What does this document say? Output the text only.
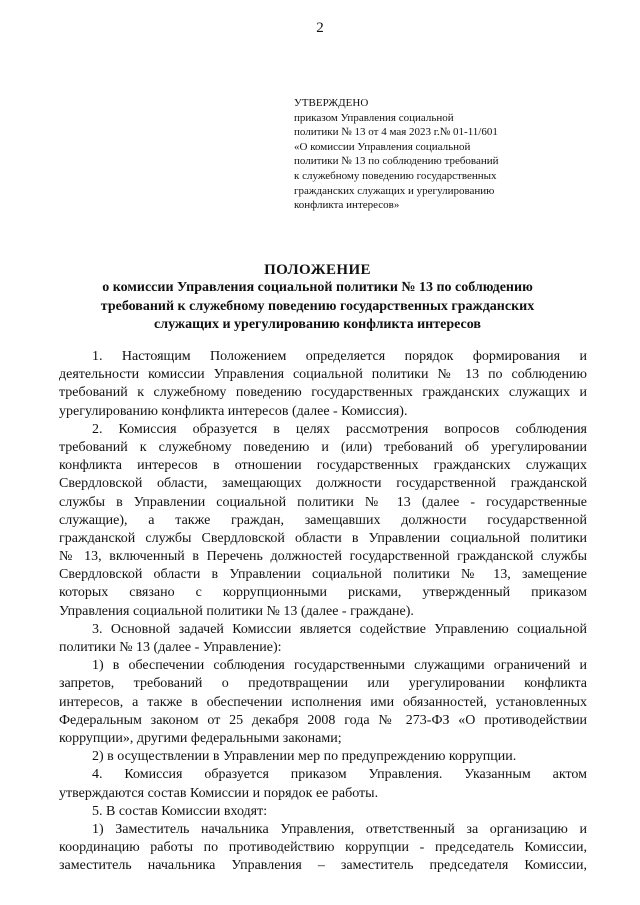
2
УТВЕРЖДЕНО
приказом Управления социальной
политики № 13 от 4 мая 2023 г.№ 01-11/601
«О комиссии Управления социальной
политики № 13 по соблюдению требований
к служебному поведению государственных
гражданских служащих и урегулированию
конфликта интересов»
ПОЛОЖЕНИЕ
о комиссии Управления социальной политики № 13 по соблюдению
требований к служебному поведению государственных гражданских
служащих и урегулированию конфликта интересов
1. Настоящим Положением определяется порядок формирования и
деятельности комиссии Управления социальной политики № 13 по соблюдению
требований к служебному поведению государственных гражданских служащих и
урегулированию конфликта интересов (далее - Комиссия).
2. Комиссия образуется в целях рассмотрения вопросов соблюдения
требований к служебному поведению и (или) требований об урегулировании
конфликта интересов в отношении государственных гражданских служащих
Свердловской области, замещающих должности государственной гражданской
службы в Управлении социальной политики № 13 (далее - государственные
служащие), а также граждан, замещавших должности государственной
гражданской службы Свердловской области в Управлении социальной политики
№ 13, включенный в Перечень должностей государственной гражданской службы
Свердловской области в Управлении социальной политики № 13, замещение
которых связано с коррупционными рисками, утвержденный приказом
Управления социальной политики № 13 (далее - граждане).
3. Основной задачей Комиссии является содействие Управлению социальной
политики № 13 (далее - Управление):
1) в обеспечении соблюдения государственными служащими ограничений и
запретов, требований о предотвращении или урегулировании конфликта
интересов, а также в обеспечении исполнения ими обязанностей, установленных
Федеральным законом от 25 декабря 2008 года № 273-ФЗ «О противодействии
коррупции», другими федеральными законами;
2) в осуществлении в Управлении мер по предупреждению коррупции.
4. Комиссия образуется приказом Управления. Указанным актом
утверждаются состав Комиссии и порядок ее работы.
5. В состав Комиссии входят:
1) Заместитель начальника Управления, ответственный за организацию и
координацию работы по противодействию коррупции - председатель Комиссии,
заместитель начальника Управления – заместитель председателя Комиссии,
